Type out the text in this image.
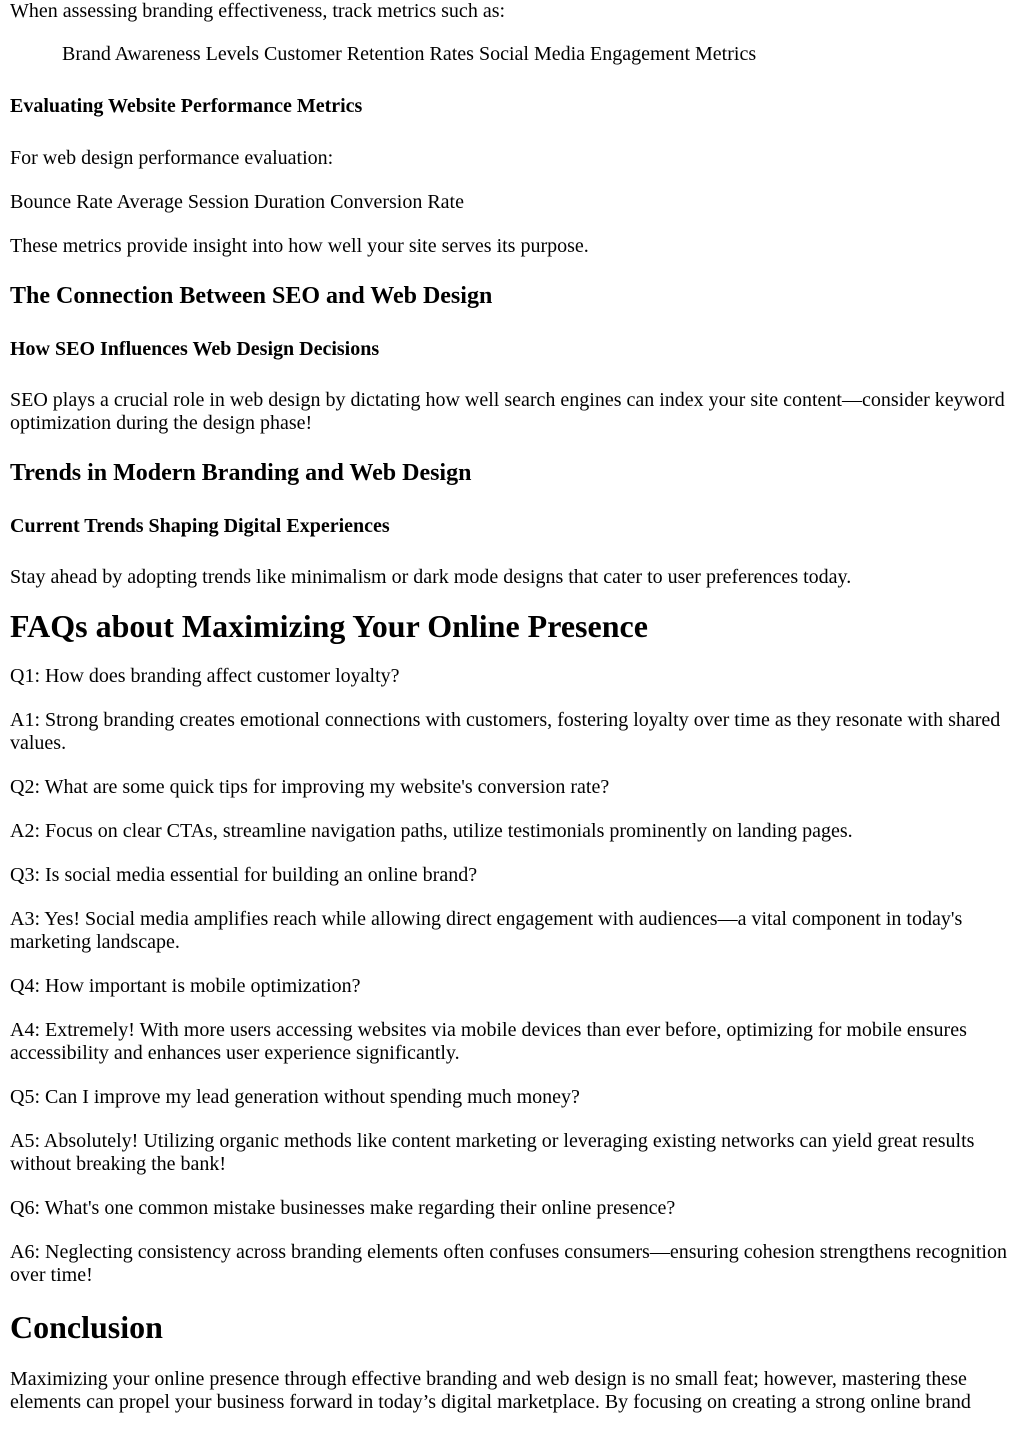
When assessing branding effectiveness, track metrics such as:

Brand Awareness Levels Customer Retention Rates Social Media Engagement Metrics

Evaluating Website Performance Metrics

For web design performance evaluation:

Bounce Rate Average Session Duration Conversion Rate

These metrics provide insight into how well your site serves its purpose.

The Connection Between SEO and Web Design
How SEO Influences Web Design Decisions

SEO plays a crucial role in web design by dictating how well search engines can index your site content—consider keyword optimization during the design phase!

Trends in Modern Branding and Web Design
Current Trends Shaping Digital Experiences

Stay ahead by adopting trends like minimalism or dark mode designs that cater to user preferences today.

FAQs about Maximizing Your Online Presence

Q1: How does branding affect customer loyalty?

A1: Strong branding creates emotional connections with customers, fostering loyalty over time as they resonate with shared values.

Q2: What are some quick tips for improving my website's conversion rate?

A2: Focus on clear CTAs, streamline navigation paths, utilize testimonials prominently on landing pages.

Q3: Is social media essential for building an online brand?

A3: Yes! Social media amplifies reach while allowing direct engagement with audiences—a vital component in today's marketing landscape.

Q4: How important is mobile optimization?

A4: Extremely! With more users accessing websites via mobile devices than ever before, optimizing for mobile ensures accessibility and enhances user experience significantly.

Q5: Can I improve my lead generation without spending much money?

A5: Absolutely! Utilizing organic methods like content marketing or leveraging existing networks can yield great results without breaking the bank!

Q6: What's one common mistake businesses make regarding their online presence?

A6: Neglecting consistency across branding elements often confuses consumers—ensuring cohesion strengthens recognition over time!

Conclusion

Maximizing your online presence through effective branding and web design is no small feat; however, mastering these elements can propel your business forward in today’s digital marketplace. By focusing on creating a strong online brand
